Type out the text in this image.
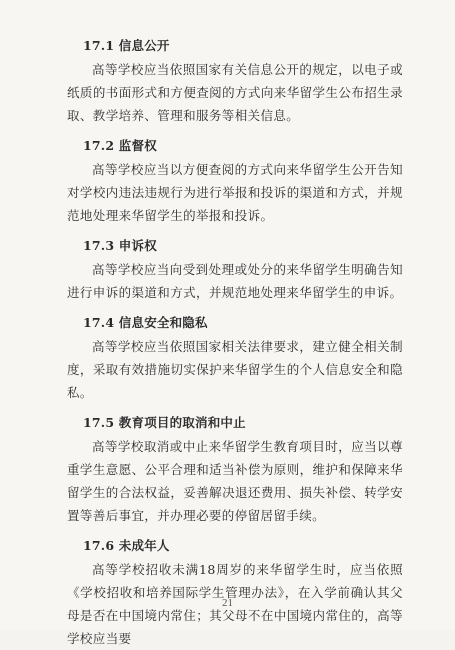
17.1 信息公开

高等学校应当依照国家有关信息公开的规定，以电子或纸质的书面形式和方便查阅的方式向来华留学生公布招生录取、教学培养、管理和服务等相关信息。

17.2 监督权

高等学校应当以方便查阅的方式向来华留学生公开告知对学校内违法违规行为进行举报和投诉的渠道和方式，并规范地处理来华留学生的举报和投诉。

17.3 申诉权

高等学校应当向受到处理或处分的来华留学生明确告知进行申诉的渠道和方式，并规范地处理来华留学生的申诉。

17.4 信息安全和隐私

高等学校应当依照国家相关法律要求，建立健全相关制度，采取有效措施切实保护来华留学生的个人信息安全和隐私。

17.5 教育项目的取消和中止

高等学校取消或中止来华留学生教育项目时，应当以尊重学生意愿、公平合理和适当补偿为原则，维护和保障来华留学生的合法权益，妥善解决退还费用、损失补偿、转学安置等善后事宜，并办理必要的停留居留手续。

17.6 未成年人

高等学校招收未满18周岁的来华留学生时，应当依照《学校招收和培养国际学生管理办法》，在入学前确认其父母是否在中国境内常住；其父母不在中国境内常住的，高等学校应当要

21
